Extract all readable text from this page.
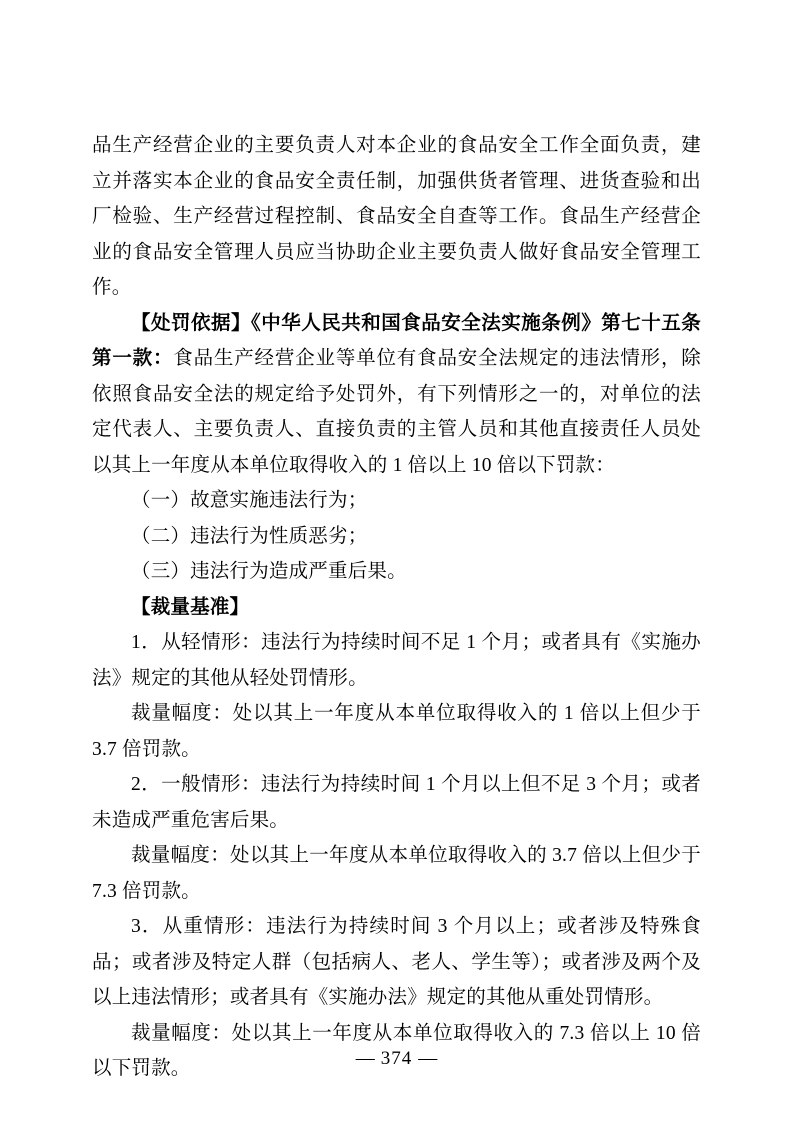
品生产经营企业的主要负责人对本企业的食品安全工作全面负责，建立并落实本企业的食品安全责任制，加强供货者管理、进货查验和出厂检验、生产经营过程控制、食品安全自查等工作。食品生产经营企业的食品安全管理人员应当协助企业主要负责人做好食品安全管理工作。

【处罚依据】《中华人民共和国食品安全法实施条例》第七十五条第一款：食品生产经营企业等单位有食品安全法规定的违法情形，除依照食品安全法的规定给予处罚外，有下列情形之一的，对单位的法定代表人、主要负责人、直接负责的主管人员和其他直接责任人员处以其上一年度从本单位取得收入的 1 倍以上 10 倍以下罚款：

（一）故意实施违法行为；

（二）违法行为性质恶劣；

（三）违法行为造成严重后果。

【裁量基准】

1．从轻情形：违法行为持续时间不足 1 个月；或者具有《实施办法》规定的其他从轻处罚情形。

裁量幅度：处以其上一年度从本单位取得收入的 1 倍以上但少于 3.7 倍罚款。

2．一般情形：违法行为持续时间 1 个月以上但不足 3 个月；或者未造成严重危害后果。

裁量幅度：处以其上一年度从本单位取得收入的 3.7 倍以上但少于 7.3 倍罚款。

3．从重情形：违法行为持续时间 3 个月以上；或者涉及特殊食品；或者涉及特定人群（包括病人、老人、学生等）；或者涉及两个及以上违法情形；或者具有《实施办法》规定的其他从重处罚情形。

裁量幅度：处以其上一年度从本单位取得收入的 7.3 倍以上 10 倍以下罚款。	— 374 —
